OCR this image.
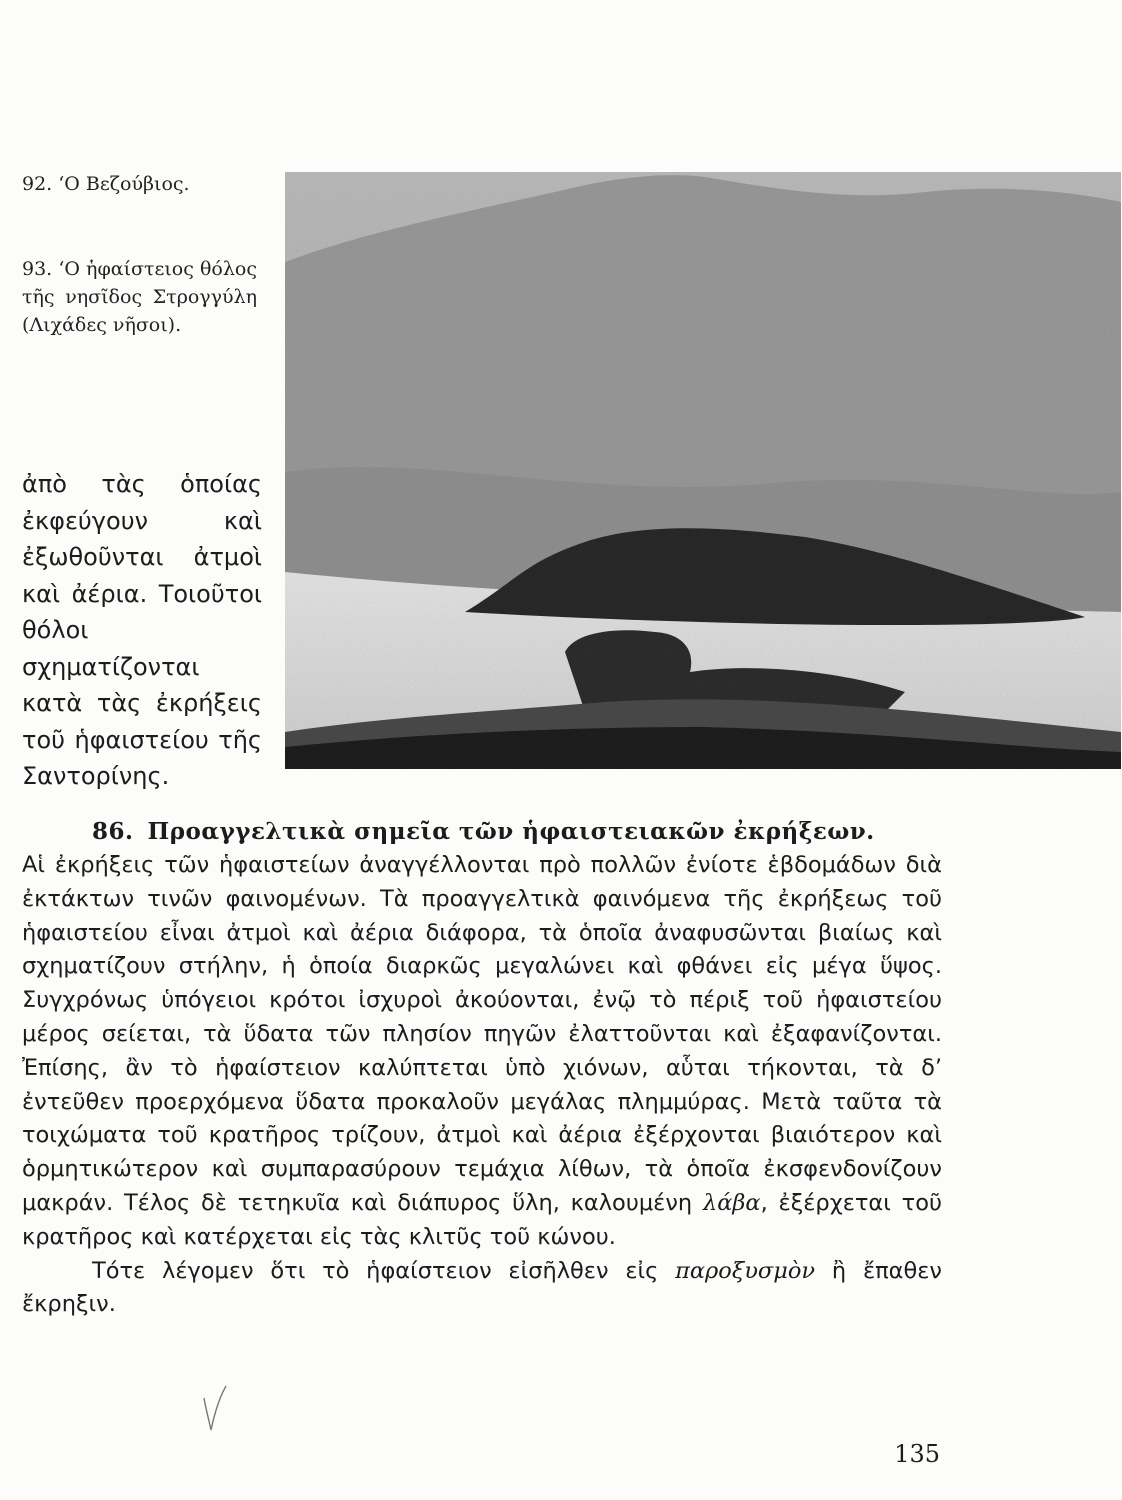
92. ‘Ο Βεζούβιος.
93. ‘Ο ἡφαίστειος θόλος τῆς νησῖδος Στρογγύλη (Λιχάδες νῆσοι).

ἀπὸ τὰς ὁποίας ἐκφεύγουν καὶ ἐξωθοῦνται ἀτμοὶ καὶ ἀέρια. Τοιοῦτοι θόλοι σχηματίζονται κατὰ τὰς ἐκρήξεις τοῦ ἡφαιστείου τῆς Σαντορίνης.

86. Προαγγελτικὰ σημεῖα τῶν ἡφαιστειακῶν ἐκρήξεων.

Αἱ ἐκρήξεις τῶν ἡφαιστείων ἀναγγέλλονται πρὸ πολλῶν ἐνίοτε ἑβδομάδων διὰ ἐκτάκτων τινῶν φαινομένων. Τὰ προαγγελτικὰ φαινόμενα τῆς ἐκρήξεως τοῦ ἡφαιστείου εἶναι ἀτμοὶ καὶ ἀέρια διάφορα, τὰ ὁποῖα ἀναφυσῶνται βιαίως καὶ σχηματίζουν στήλην, ἡ ὁποία διαρκῶς μεγαλώνει καὶ φθάνει εἰς μέγα ὕψος. Συγχρόνως ὑπόγειοι κρότοι ἰσχυροὶ ἀκούονται, ἐνῷ τὸ πέριξ τοῦ ἡφαιστείου μέρος σείεται, τὰ ὕδατα τῶν πλησίον πηγῶν ἐλαττοῦνται καὶ ἐξαφανίζονται. Ἐπίσης, ἂν τὸ ἡφαίστειον καλύπτεται ὑπὸ χιόνων, αὗται τήκονται, τὰ δ’ ἐντεῦθεν προερχόμενα ὕδατα προκαλοῦν μεγάλας πλημμύρας. Μετὰ ταῦτα τὰ τοιχώματα τοῦ κρατῆρος τρίζουν, ἀτμοὶ καὶ ἀέρια ἐξέρχονται βιαιότερον καὶ ὁρμητικώτερον καὶ συμπαρασύρουν τεμάχια λίθων, τὰ ὁποῖα ἐκσφενδονίζουν μακράν. Τέλος δὲ τετηκυῖα καὶ διάπυρος ὕλη, καλουμένη λάβα, ἐξέρχεται τοῦ κρατῆρος καὶ κατέρχεται εἰς τὰς κλιτῦς τοῦ κώνου.

Τότε λέγομεν ὅτι τὸ ἡφαίστειον εἰσῆλθεν εἰς παροξυσμὸν ἢ ἔπαθεν ἔκρηξιν.

135
